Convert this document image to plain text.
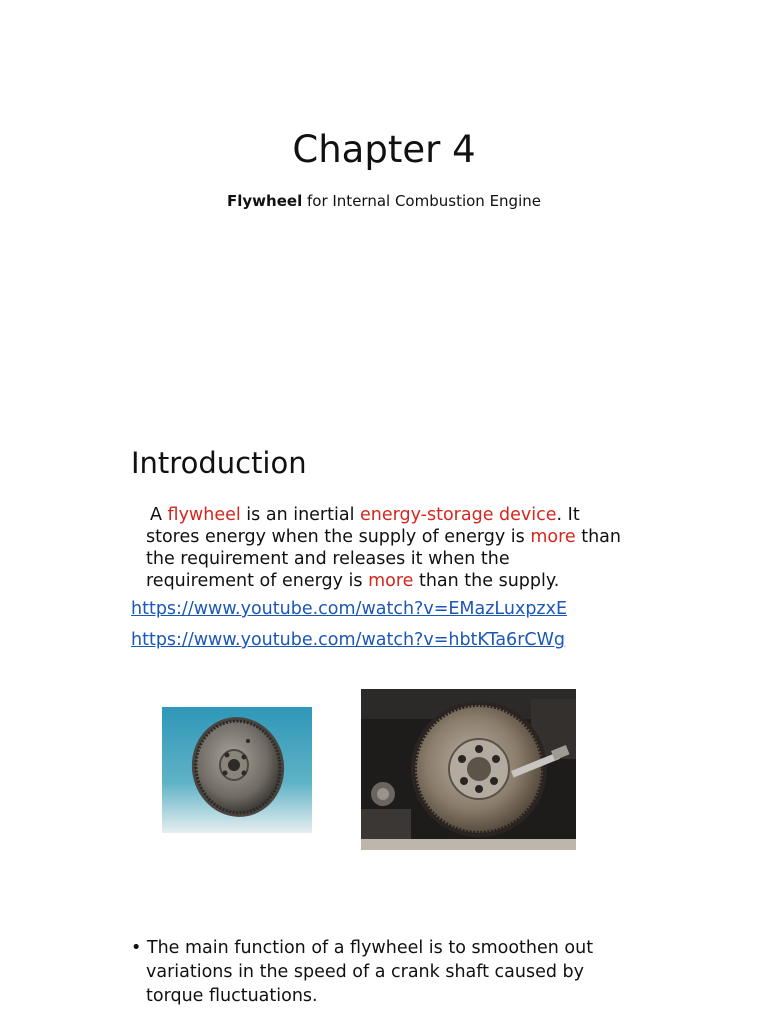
Chapter 4
Flywheel for Internal Combustion Engine
Introduction
A flywheel is an inertial energy-storage device. It
stores energy when the supply of energy is more than
the requirement and releases it when the
requirement of energy is more than the supply.
https://www.youtube.com/watch?v=EMazLuxpzxE
https://www.youtube.com/watch?v=hbtKTa6rCWg
• The main function of a flywheel is to smoothen out
variations in the speed of a crank shaft caused by
torque fluctuations.
